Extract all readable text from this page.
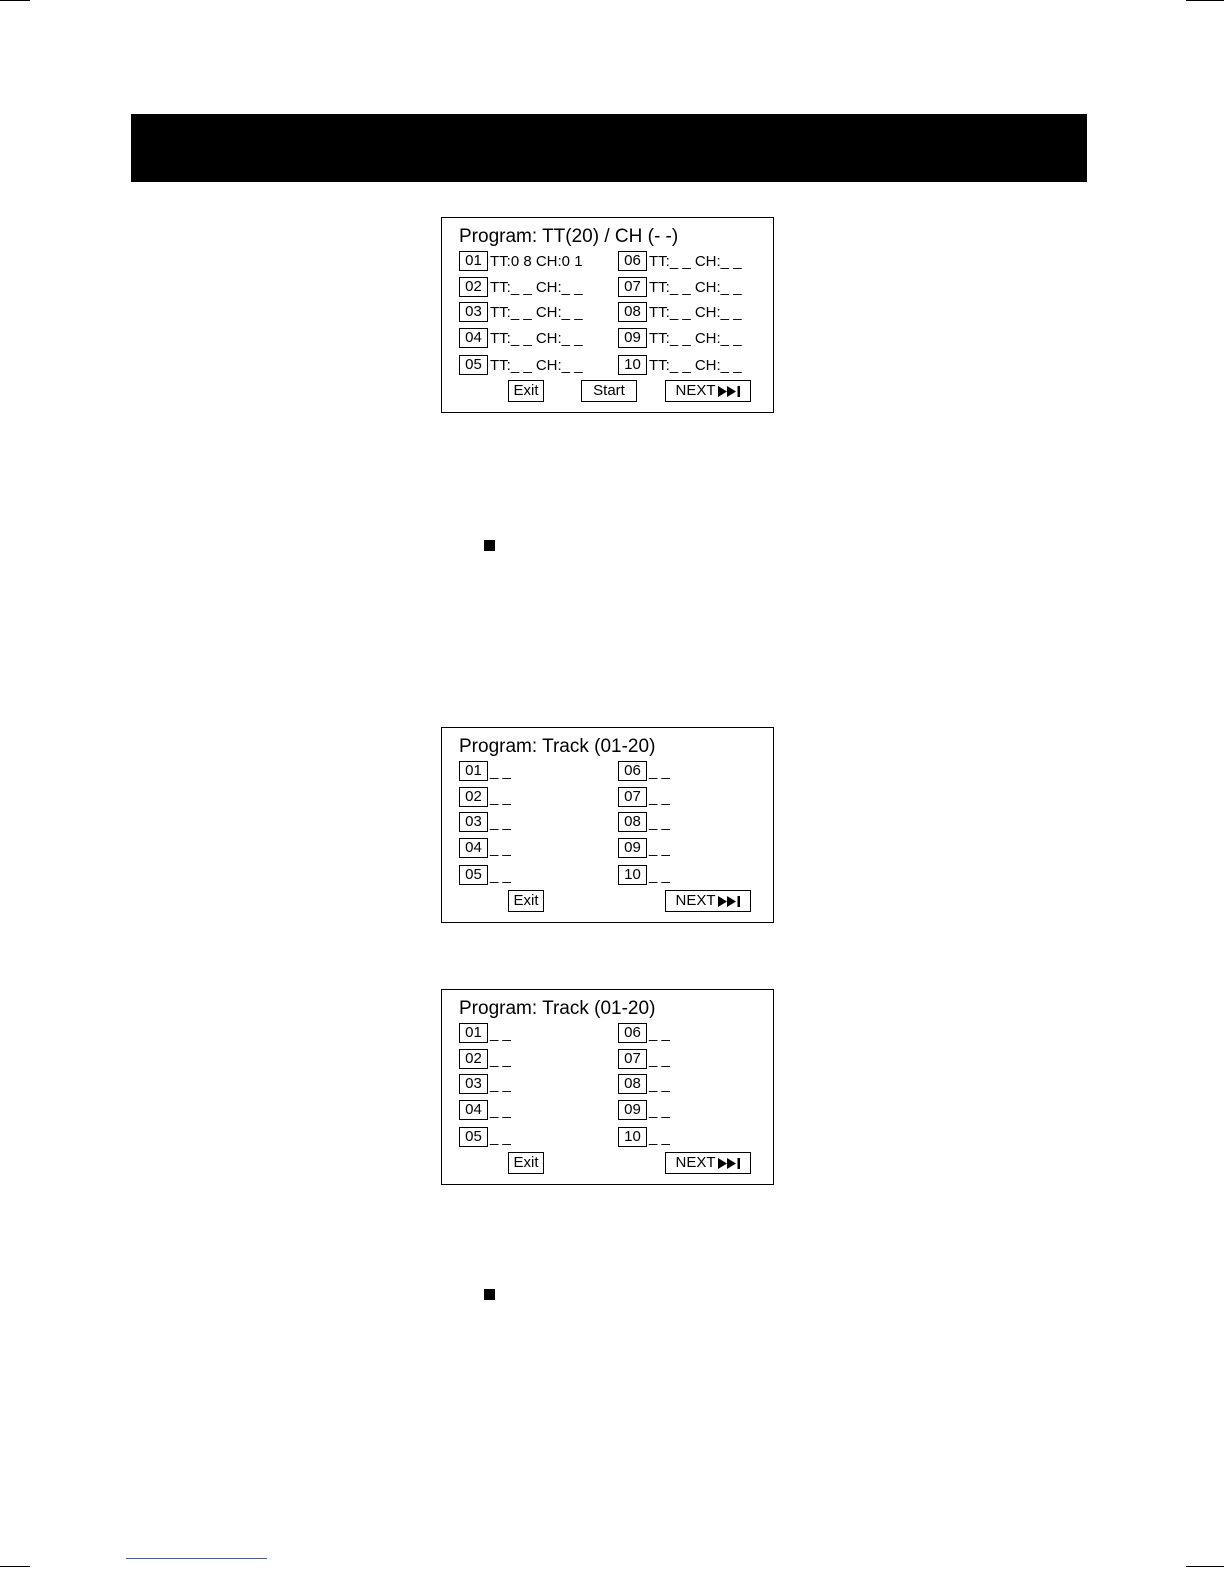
Program: TT(20) / CH (- -)
01 TT:0 8 CH:0 1
02 TT:_ _ CH:_ _
03 TT:_ _ CH:_ _
04 TT:_ _ CH:_ _
05 TT:_ _ CH:_ _
06 TT:_ _ CH:_ _
07 TT:_ _ CH:_ _
08 TT:_ _ CH:_ _
09 TT:_ _ CH:_ _
10 TT:_ _ CH:_ _
Exit	Start	NEXT
Program: Track (01-20)
01 _ _
02 _ _
03 _ _
04 _ _
05 _ _
06 _ _
07 _ _
08 _ _
09 _ _
10 _ _
Exit	NEXT
Program: Track (01-20)
01 _ _
02 _ _
03 _ _
04 _ _
05 _ _
06 _ _
07 _ _
08 _ _
09 _ _
10 _ _
Exit	NEXT
